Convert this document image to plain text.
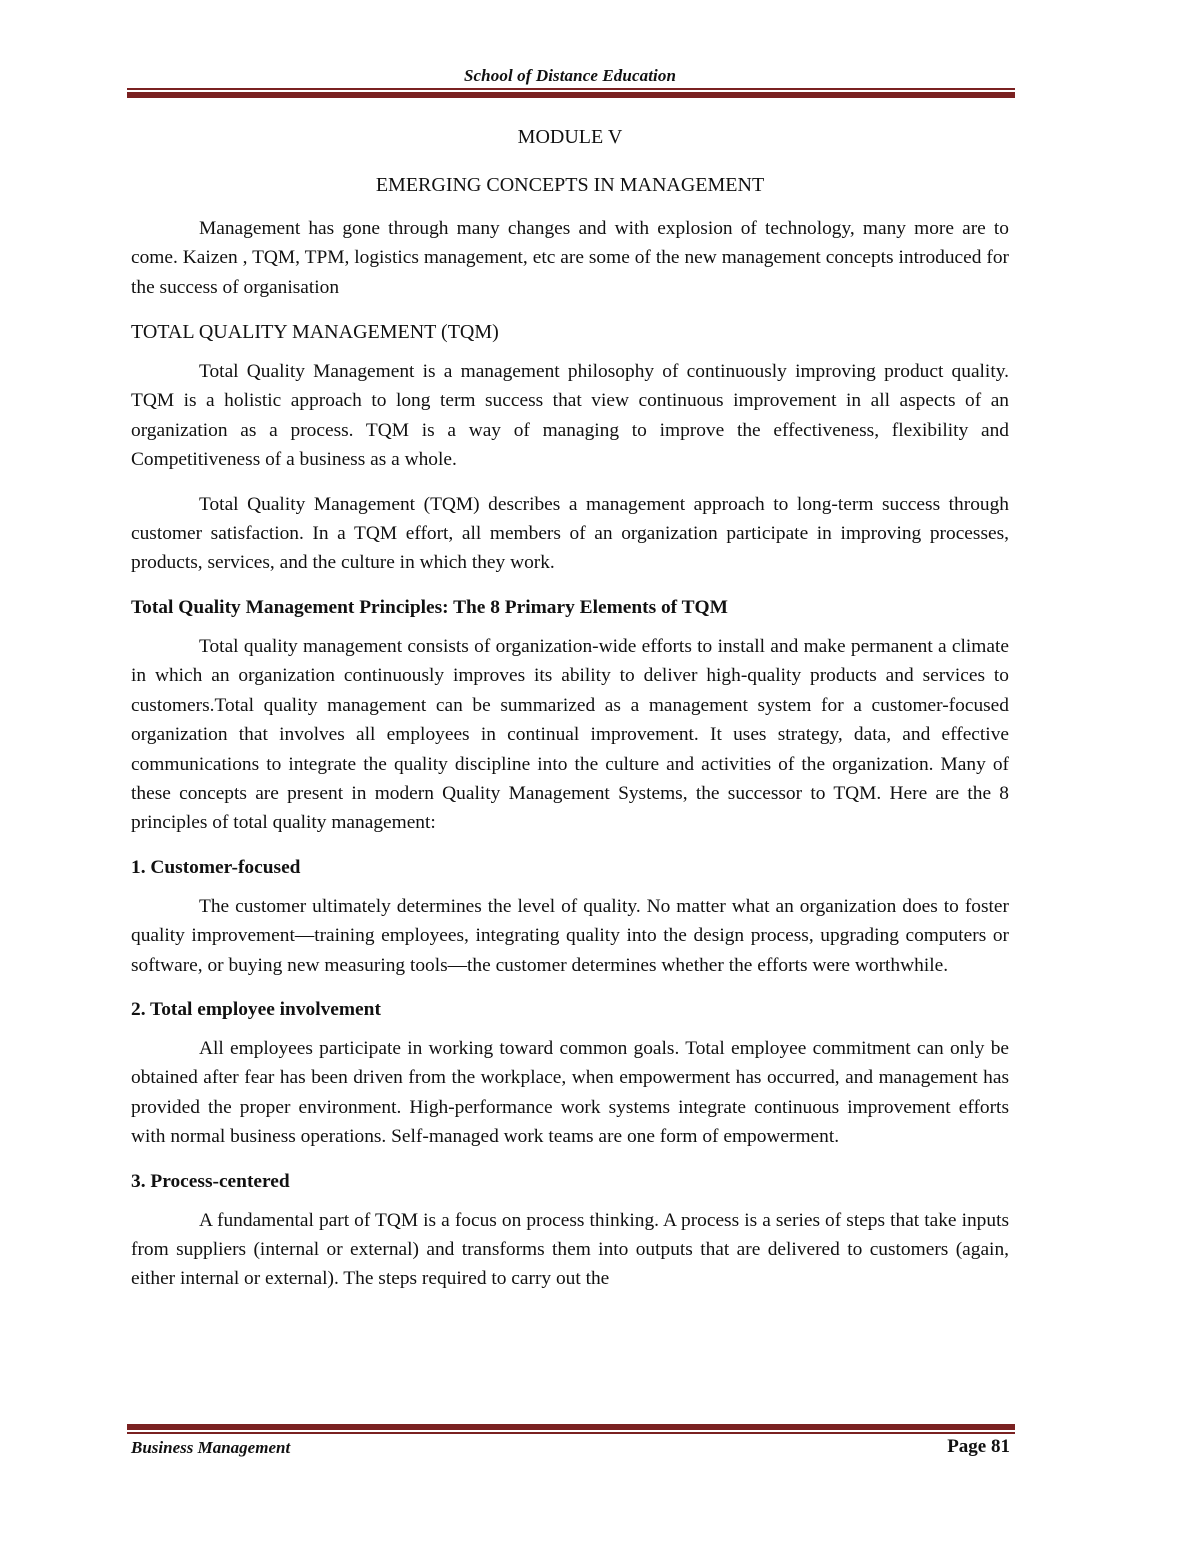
School of Distance Education
MODULE V
EMERGING CONCEPTS IN MANAGEMENT

Management has gone through many changes and with explosion of technology, many more are to come. Kaizen , TQM, TPM, logistics management, etc are some of the new management concepts introduced for the success of organisation

TOTAL QUALITY MANAGEMENT (TQM)

Total Quality Management is a management philosophy of continuously improving product quality. TQM is a holistic approach to long term success that view continuous improvement in all aspects of an organization as a process. TQM is a way of managing to improve the effectiveness, flexibility and Competitiveness of a business as a whole.

Total Quality Management (TQM) describes a management approach to long-term success through customer satisfaction. In a TQM effort, all members of an organization participate in improving processes, products, services, and the culture in which they work.

Total Quality Management Principles: The 8 Primary Elements of TQM

Total quality management consists of organization-wide efforts to install and make permanent a climate in which an organization continuously improves its ability to deliver high-quality products and services to customers.Total quality management can be summarized as a management system for a customer-focused organization that involves all employees in continual improvement. It uses strategy, data, and effective communications to integrate the quality discipline into the culture and activities of the organization. Many of these concepts are present in modern Quality Management Systems, the successor to TQM. Here are the 8 principles of total quality management:

1. Customer-focused

The customer ultimately determines the level of quality. No matter what an organization does to foster quality improvement—training employees, integrating quality into the design process, upgrading computers or software, or buying new measuring tools—the customer determines whether the efforts were worthwhile.

2. Total employee involvement

All employees participate in working toward common goals. Total employee commitment can only be obtained after fear has been driven from the workplace, when empowerment has occurred, and management has provided the proper environment. High-performance work systems integrate continuous improvement efforts with normal business operations. Self-managed work teams are one form of empowerment.

3. Process-centered

A fundamental part of TQM is a focus on process thinking. A process is a series of steps that take inputs from suppliers (internal or external) and transforms them into outputs that are delivered to customers (again, either internal or external). The steps required to carry out the

Business Management	Page 81
